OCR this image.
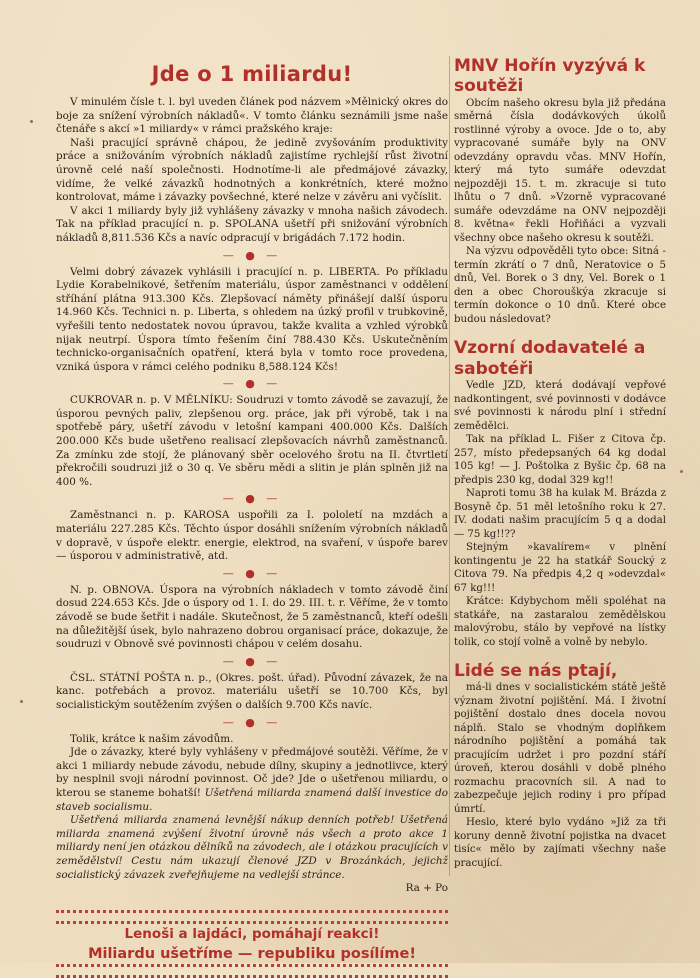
Jde o 1 miliardu!

V minulém čísle t. l. byl uveden článek pod názvem »Mělnický okres do boje za snížení výrobních nákladů«. V tomto článku seznámili jsme naše čtenáře s akcí »1 miliardy« v rámci pražského kraje:

Naši pracující správně chápou, že jedině zvyšováním produktivity práce a snižováním výrobních nákladů zajistíme rychlejší růst životní úrovně celé naší společnosti. Hodnotíme-li ale předmájové závazky, vidíme, že velké závazků hodnotných a konkrétních, které možno kontrolovat, máme i závazky povšechné, které nelze v závěru ani vyčíslit.

V akci 1 miliardy byly již vyhlášeny závazky v mnoha našich závodech. Tak na příklad pracující n. p. SPOLANA ušetří při snižování výrobních nákladů 8,811.536 Kčs a navíc odpracují v brigádách 7.172 hodin.

— ● —

Velmi dobrý závazek vyhlásili i pracující n. p. LIBERTA. Po příkladu Lydie Korabelnikové, šetřením materiálu, úspor zaměstnanci v oddělení stříhání plátna 913.300 Kčs. Zlepšovací náměty přinášejí další úsporu 14.960 Kčs. Technici n. p. Liberta, s ohledem na úzký profil v trubkovině, vyřešili tento nedostatek novou úpravou, takže kvalita a vzhled výrobků nijak neutrpí. Úspora tímto řešením činí 788.430 Kčs. Uskutečněním technicko-organisačních opatření, která byla v tomto roce provedena, vzniká úspora v rámci celého podniku 8,588.124 Kčs!

— ● —

CUKROVAR n. p. V MĚLNÍKU: Soudruzi v tomto závodě se zavazují, že úsporou pevných paliv, zlepšenou org. práce, jak při výrobě, tak i na spotřebě páry, ušetří závodu v letošní kampani 400.000 Kčs. Dalších 200.000 Kčs bude ušetřeno realisací zlepšovacích návrhů zaměstnanců. Za zmínku zde stojí, že plánovaný sběr ocelového šrotu na II. čtvrtletí překročili soudruzi již o 30 q. Ve sběru mědi a slitin je plán splněn již na 400 %.

— ● —

Zaměstnanci n. p. KAROSA uspořili za I. pololetí na mzdách a materiálu 227.285 Kčs. Těchto úspor dosáhli snížením výrobních nákladů v dopravě, v úspoře elektr. energie, elektrod, na svaření, v úspoře barev — úsporou v administrativě, atd.

— ● —

N. p. OBNOVA. Úspora na výrobních nákladech v tomto závodě činí dosud 224.653 Kčs. Jde o úspory od 1. I. do 29. III. t. r. Věříme, že v tomto závodě se bude šetřit i nadále. Skutečnost, že 5 zaměstnanců, kteří odešli na důležitější úsek, bylo nahrazeno dobrou organisací práce, dokazuje, že soudruzi v Obnově své povinnosti chápou v celém dosahu.

— ● —

ČSL. STÁTNÍ POŠTA n. p., (Okres. pošt. úřad). Původní závazek, že na kanc. potřebách a provoz. materiálu ušetří se 10.700 Kčs, byl socialistickým soutěžením zvýšen o dalších 9.700 Kčs navíc.

— ● —

Tolik, krátce k našim závodům.

Jde o závazky, které byly vyhlášeny v předmájové soutěži. Věříme, že v akci 1 miliardy nebude závodu, nebude dílny, skupiny a jednotlivce, který by nesplnil svoji národní povinnost. Oč jde? Jde o ušetřenou miliardu, o kterou se staneme bohatší! Ušetřená miliarda znamená další investice do staveb socialismu.

Ušetřená miliarda znamená levnější nákup denních potřeb! Ušetřená miliarda znamená zvýšení životní úrovně nás všech a proto akce 1 miliardy není jen otázkou dělníků na závodech, ale i otázkou pracujících v zemědělství! Cestu nám ukazují členové JZD v Brozánkách, jejichž socialistický závazek zveřejňujeme na vedlejší stránce.

Ra + Po
Lenoši a lajdáci, pomáhají reakci!
Miliardu ušetříme — republiku posílíme!
MNV Hořín vyzývá k soutěži

Obcím našeho okresu byla již předána směrná čísla dodávkových úkolů rostlinné výroby a ovoce. Jde o to, aby vypracované sumáře byly na ONV odevzdány opravdu včas. MNV Hořín, který má tyto sumáře odevzdat nejpozději 15. t. m. zkracuje si tuto lhůtu o 7 dnů. »Vzorně vypracované sumáře odevzdáme na ONV nejpozději 8. května« řekli Hořiňáci a vyzvali všechny obce našeho okresu k soutěži.

Na výzvu odpověděli tyto obce: Sitná - termín zkrátí o 7 dnů, Neratovice o 5 dnů, Vel. Borek o 3 dny, Vel. Borek o 1 den a obec Chorouškýa zkracuje si termín dokonce o 10 dnů. Které obce budou následovat?

Vzorní dodavatelé a sabotéři

Vedle JZD, která dodávají vepřové nadkontingent, své povinnosti v dodávce své povinnosti k národu plní i střední zemědělci.

Tak na příklad L. Fišer z Citova čp. 257, místo předepsaných 64 kg dodal 105 kg! — J. Poštolka z Byšic čp. 68 na předpis 230 kg, dodal 329 kg!!

Naproti tomu 38 ha kulak M. Brázda z Bosyně čp. 51 měl letošního roku k 27. IV. dodati našim pracujícím 5 q a dodal — 75 kg!!??

Stejným »kavalírem« v plnění kontingentu je 22 ha statkář Soucký z Citova 79. Na předpis 4,2 q »odevzdal« 67 kg!!!

Krátce: Kdybychom měli spoléhat na statkáře, na zastaralou zemědělskou malovýrobu, stálo by vepřové na lístky tolik, co stojí volně a volně by nebylo.

Lidé se nás ptají,

má-li dnes v socialistickém státě ještě význam životní pojištění. Má. I životní pojištění dostalo dnes docela novou náplň. Stalo se vhodným doplňkem národního pojištění a pomáhá tak pracujícím udržet i pro pozdní stáří úroveň, kterou dosáhli v době plného rozmachu pracovních sil. A nad to zabezpečuje jejich rodiny i pro případ úmrtí.

Heslo, které bylo vydáno »Již za tři koruny denně životní pojistka na dvacet tisíc« mělo by zajímati všechny naše pracující.
